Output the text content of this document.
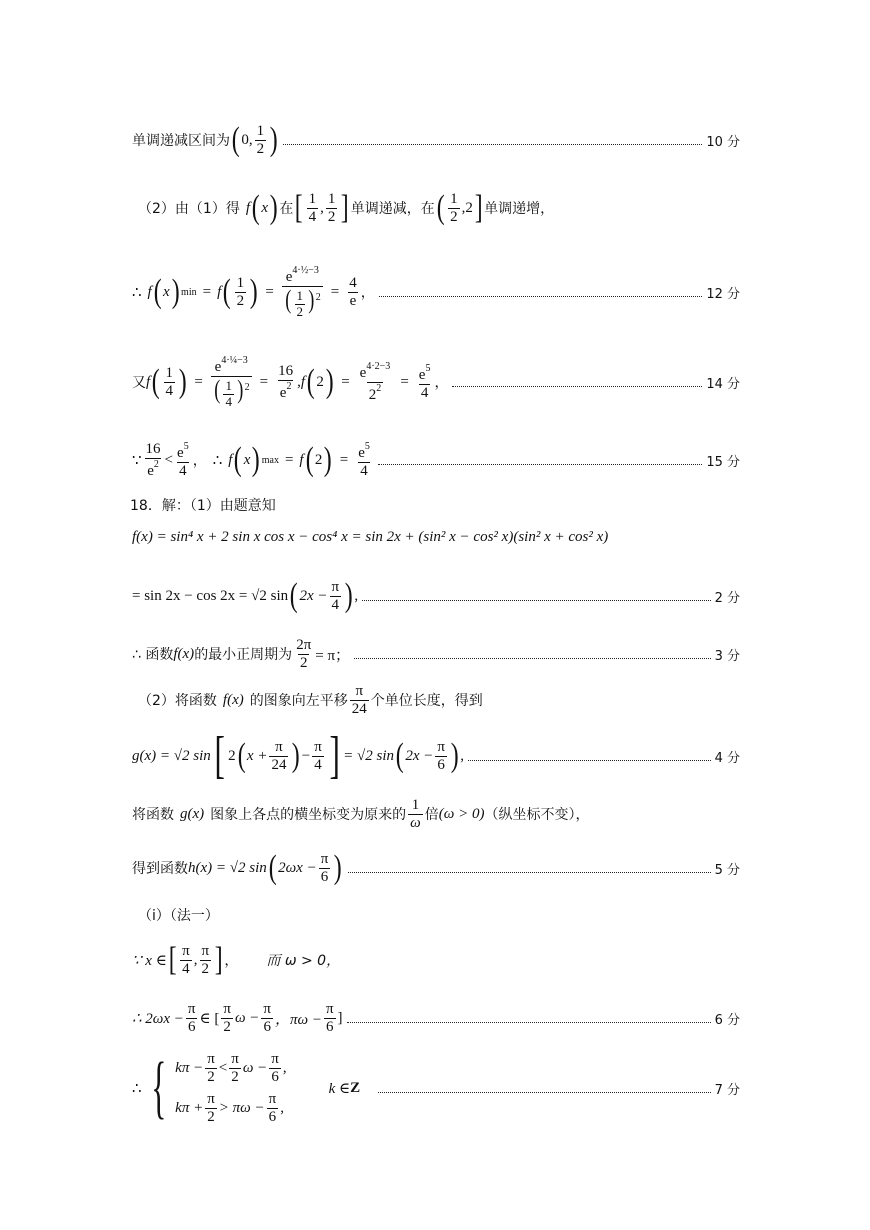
单调递减区间为 ( 0, $\frac{1}{2}$ )	10 分
（2）由（1）得 f ( x ) 在 [ $\frac{1}{4}$ , $\frac{1}{2}$ ] 单调递减，在 ( $\frac{1}{2}$ , 2 ] 单调递增，
∴ f ( x ) min = f ( $\frac{1}{2}$ ) = $\frac{e^{4\cdot\frac{1}{2}-3}}{( \frac{1}{2} )^2} = \frac{4}{e}$ ，	12 分
又 f ( $\frac{1}{4}$ ) = $\frac{e^{4\cdot\frac{1}{4}-3}}{( \frac{1}{4} )^2} = \frac{16}{e^2}$ , f ( 2 ) = $\frac{e^{4\cdot 2-3}}{2^2} = \frac{e^5}{4}$ ，	14 分
∵ $\frac{16}{e^2} < \frac{e^5}{4}$ ， ∴ f ( x ) max = f ( 2 ) = $\frac{e^5}{4}$	15 分
18．解：（1）由题意知
f(x) = sin⁴ x + 2 sin x cos x − cos⁴ x = sin 2x + (sin² x − cos² x)(sin² x + cos² x)
= sin 2x − cos 2x = √2 sin ( $2x - \frac{\pi}{4}$ ) ,	2 分
∴ 函数 f(x) 的最小正周期为 $\frac{2\pi}{2} = \pi$；	3 分
（2）将函数 f(x) 的图象向左平移 $\frac{\pi}{24}$ 个单位长度，得到
g(x) = √2 sin [ 2 ( $x + \frac{\pi}{24}$ ) − $\frac{\pi}{4}$ ] = √2 sin ( $2x - \frac{\pi}{6}$ ) ,	4 分
将函数 g(x) 图象上各点的横坐标变为原来的 $\frac{1}{\omega}$ 倍 (ω > 0) （纵坐标不变），
得到函数 h(x) = √2 sin ( $2\omega x - \frac{\pi}{6}$ )	5 分
（i）（法一）
∵ x ∈ [ $\frac{\pi}{4}$ , $\frac{\pi}{2}$ ] ， 而 ω > 0，
∴ $2\omega x - \frac{\pi}{6}$ ∈ [ $\frac{\pi}{2}$ $\omega - \frac{\pi}{6}$ ，$\pi\omega - \frac{\pi}{6}$ ]	6 分
∴ { $k\pi - \frac{\pi}{2} < \frac{\pi}{2}$ $\omega - \frac{\pi}{6}$ ,
$k\pi + \frac{\pi}{2} > \pi\omega - \frac{\pi}{6}$ ,
k ∈ Z	7 分
